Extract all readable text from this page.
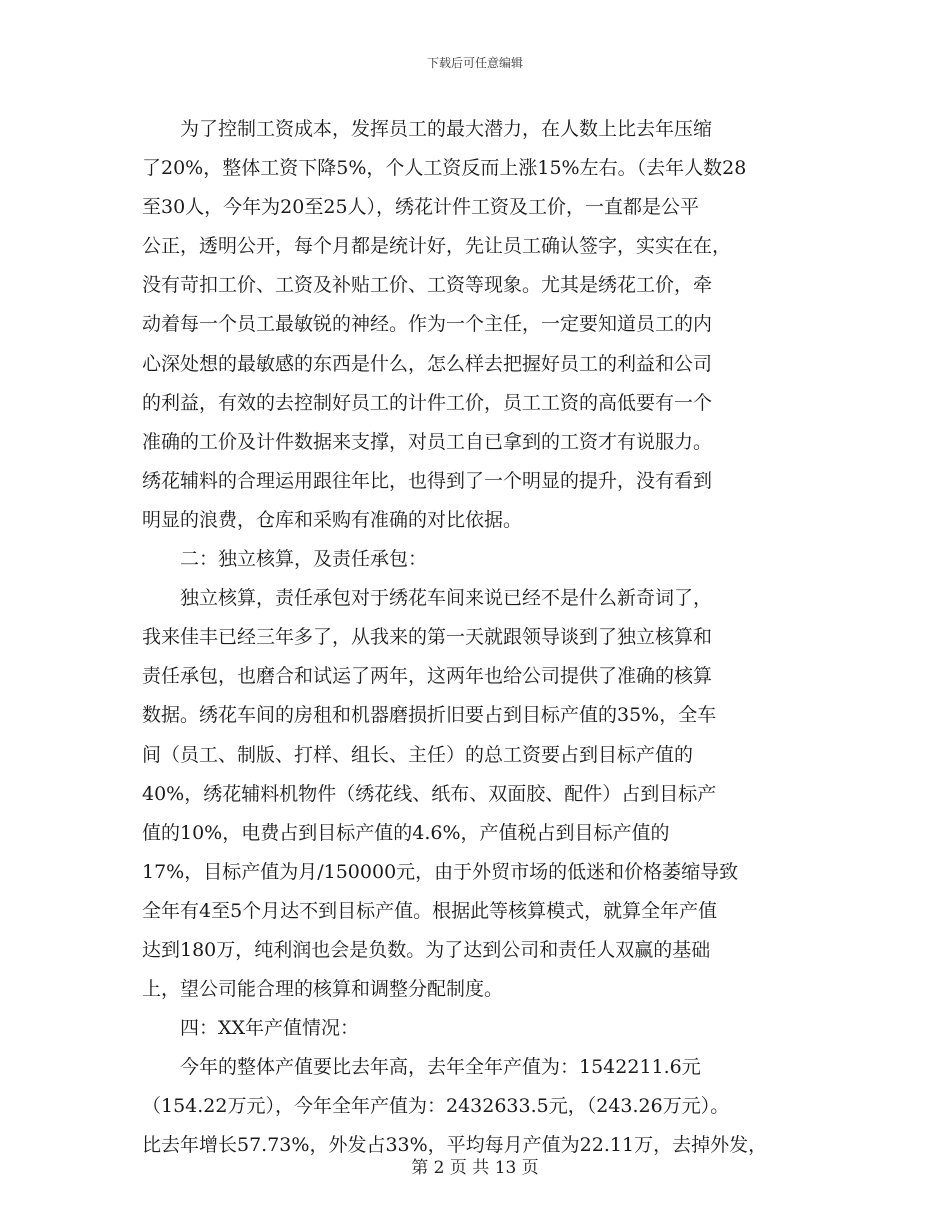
下载后可任意编辑
为了控制工资成本，发挥员工的最大潜力，在人数上比去年压缩
了20%，整体工资下降5%，个人工资反而上涨15%左右。（去年人数28
至30人，今年为20至25人），绣花计件工资及工价，一直都是公平
公正，透明公开，每个月都是统计好，先让员工确认签字，实实在在，
没有苛扣工价、工资及补贴工价、工资等现象。尤其是绣花工价，牵
动着每一个员工最敏锐的神经。作为一个主任，一定要知道员工的内
心深处想的最敏感的东西是什么，怎么样去把握好员工的利益和公司
的利益，有效的去控制好员工的计件工价，员工工资的高低要有一个
准确的工价及计件数据来支撑，对员工自已拿到的工资才有说服力。
绣花辅料的合理运用跟往年比，也得到了一个明显的提升，没有看到
明显的浪费，仓库和采购有准确的对比依据。
二：独立核算，及责任承包：
独立核算，责任承包对于绣花车间来说已经不是什么新奇词了，
我来佳丰已经三年多了，从我来的第一天就跟领导谈到了独立核算和
责任承包，也磨合和试运了两年，这两年也给公司提供了准确的核算
数据。绣花车间的房租和机器磨损折旧要占到目标产值的35%，全车
间（员工、制版、打样、组长、主任）的总工资要占到目标产值的
40%，绣花辅料机物件（绣花线、纸布、双面胶、配件）占到目标产
值的10%，电费占到目标产值的4.6%，产值税占到目标产值的
17%，目标产值为月/150000元，由于外贸市场的低迷和价格萎缩导致
全年有4至5个月达不到目标产值。根据此等核算模式，就算全年产值
达到180万，纯利润也会是负数。为了达到公司和责任人双赢的基础
上，望公司能合理的核算和调整分配制度。
四：XX年产值情况：
今年的整体产值要比去年高，去年全年产值为：1542211.6元
（154.22万元），今年全年产值为：2432633.5元，（243.26万元）。
比去年增长57.73%，外发占33%，平均每月产值为22.11万，去掉外发，
第 2 页 共 13 页
